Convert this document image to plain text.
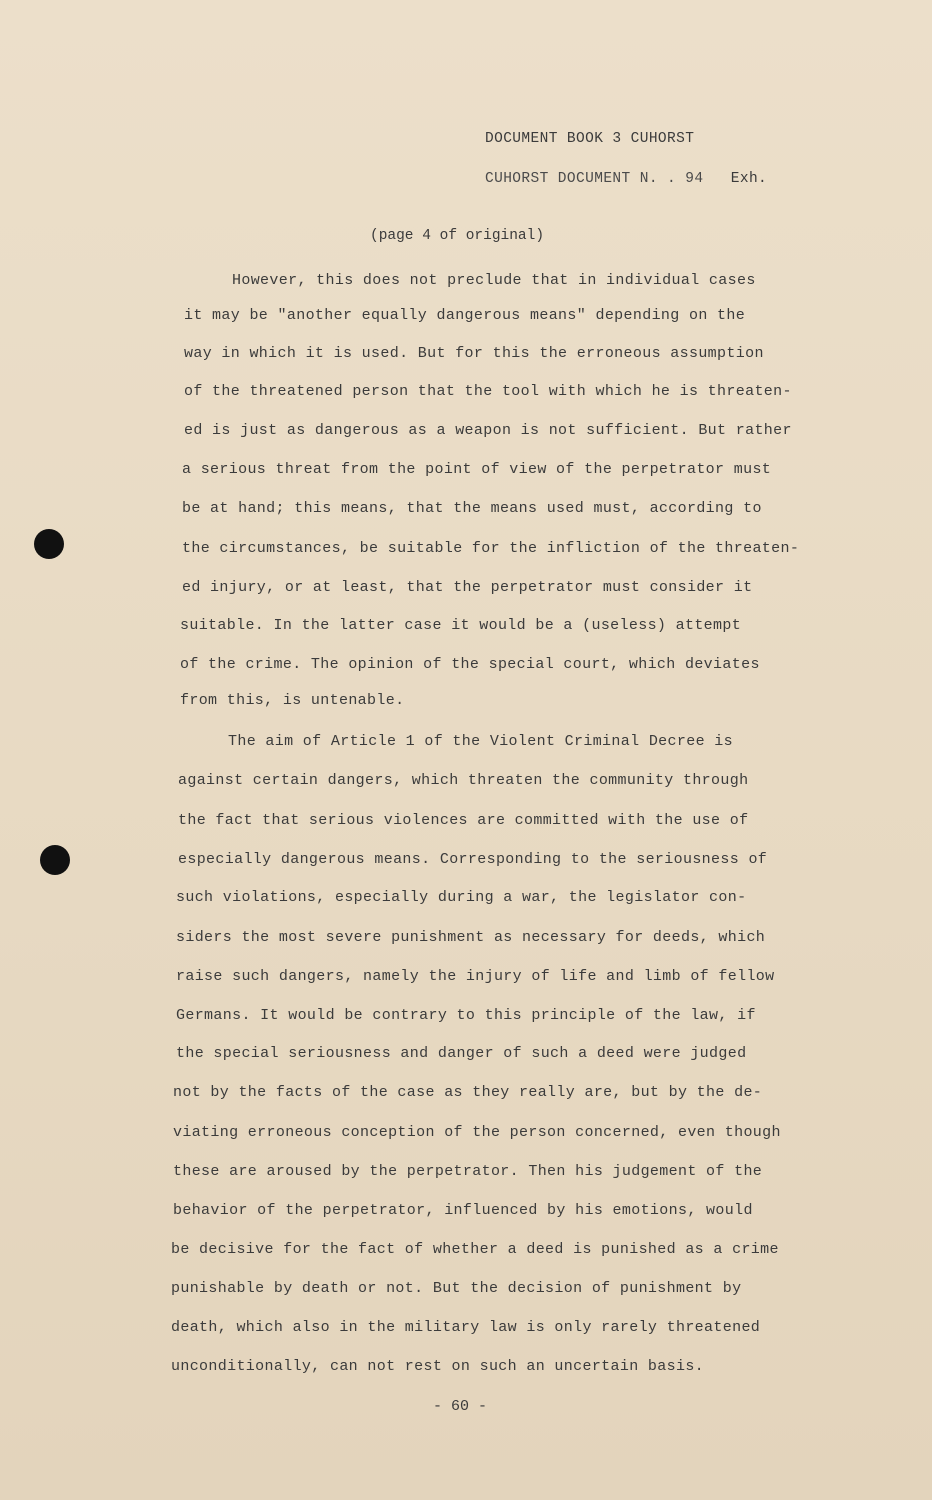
DOCUMENT BOOK 3 CUHORST
CUHORST DOCUMENT N. . 94 Exh.
(page 4 of original)
However, this does not preclude that in individual cases
it may be "another equally dangerous means" depending on the
way in which it is used. But for this the erroneous assumption
of the threatened person that the tool with which he is threaten-
ed is just as dangerous as a weapon is not sufficient. But rather
a serious threat from the point of view of the perpetrator must
be at hand; this means, that the means used must, according to
the circumstances, be suitable for the infliction of the threaten-
ed injury, or at least, that the perpetrator must consider it
suitable. In the latter case it would be a (useless) attempt
of the crime. The opinion of the special court, which deviates
from this, is untenable.
The aim of Article 1 of the Violent Criminal Decree is
against certain dangers, which threaten the community through
the fact that serious violences are committed with the use of
especially dangerous means. Corresponding to the seriousness of
such violations, especially during a war, the legislator con-
siders the most severe punishment as necessary for deeds, which
raise such dangers, namely the injury of life and limb of fellow
Germans. It would be contrary to this principle of the law, if
the special seriousness and danger of such a deed were judged
not by the facts of the case as they really are, but by the de-
viating erroneous conception of the person concerned, even though
these are aroused by the perpetrator. Then his judgement of the
behavior of the perpetrator, influenced by his emotions, would
be decisive for the fact of whether a deed is punished as a crime
punishable by death or not. But the decision of punishment by
death, which also in the military law is only rarely threatened
unconditionally, can not rest on such an uncertain basis.
- 60 -
